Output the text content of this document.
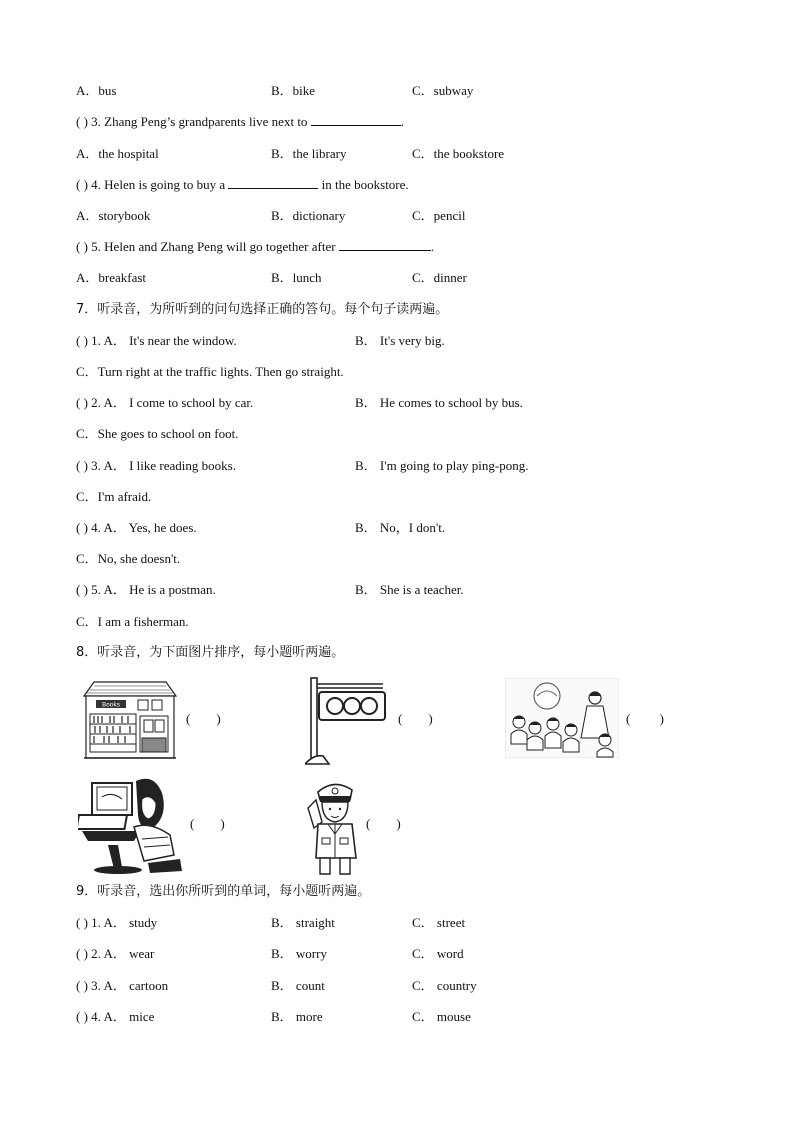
A．bus	B．bike	C．subway
( ) 3. Zhang Peng’s grandparents live next to	.
A．the hospital	B．the library	C．the bookstore
( ) 4. Helen is going to buy a	in the bookstore.
A．storybook	B．dictionary	C．pencil
( ) 5. Helen and Zhang Peng will go together after	.
A．breakfast	B．lunch	C．dinner
7．听录音，为所听到的问句选择正确的答句。每个句子读两遍。
( ) 1. A． It's near the window.	B． It's very big.
C．Turn right at the traffic lights. Then go straight.
( ) 2. A． I come to school by car.	B． He comes to school by bus.
C．She goes to school on foot.
( ) 3. A． I like reading books.	B． I'm going to play ping-pong.
C．I'm afraid.
( ) 4. A． Yes, he does.	B． No，I don't.
C．No, she doesn't.
( ) 5. A． He is a postman.	B． She is a teacher.
C．I am a fisherman.
8．听录音，为下面图片排序，每小题听两遍。
Books
(        )	(        )	(         )
(        )	(        )
9．听录音，选出你所听到的单词，每小题听两遍。
( ) 1. A． study	B． straight	C． street
( ) 2. A． wear	B． worry	C． word
( ) 3. A． cartoon	B． count	C． country
( ) 4. A． mice	B． more	C． mouse
